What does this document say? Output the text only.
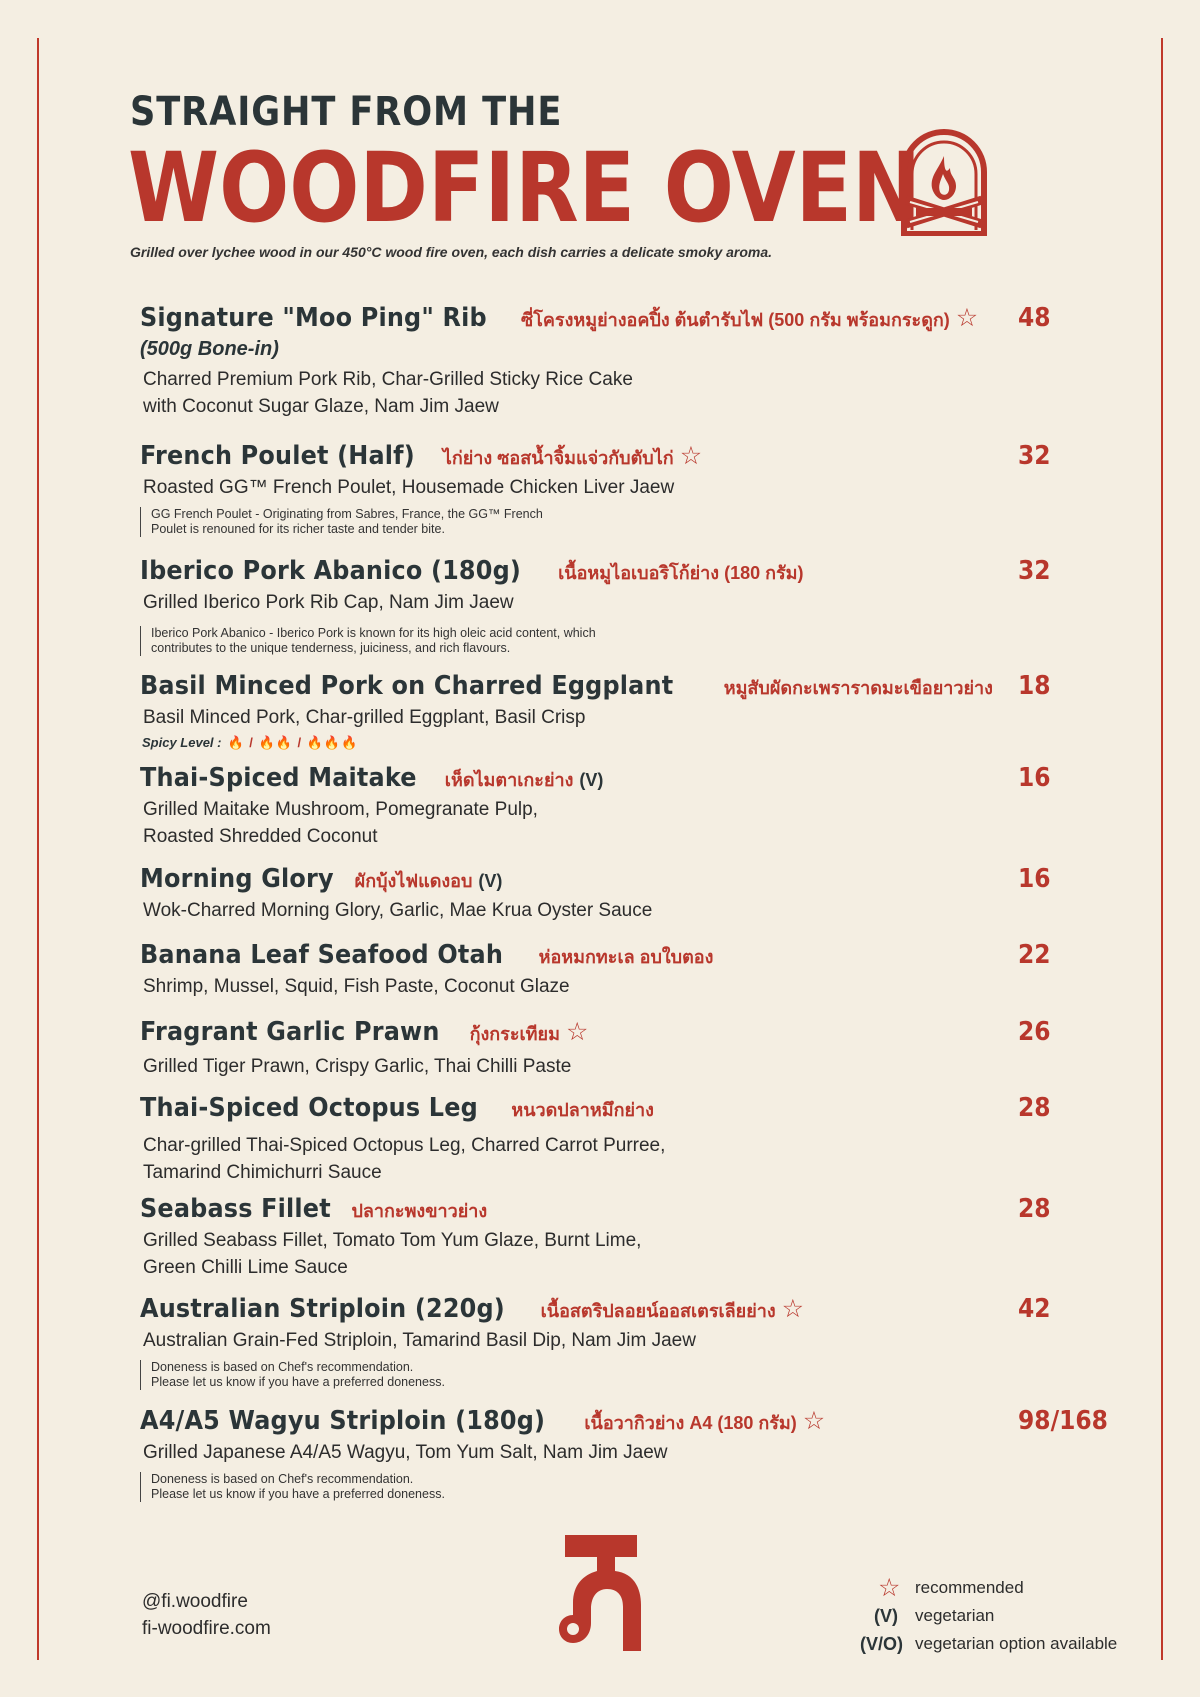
STRAIGHT FROM THE
WOODFIRE OVEN
Grilled over lychee wood in our 450°C wood fire oven, each dish carries a delicate smoky aroma.
Signature "Moo Ping" Rib ซี่โครงหมูย่างอคปิ้ง ต้นตำรับไฟ (500 กรัม พร้อมกระดูก) ☆ 48
(500g Bone-in)
Charred Premium Pork Rib, Char-Grilled Sticky Rice Cake
with Coconut Sugar Glaze, Nam Jim Jaew
French Poulet (Half) ไก่ย่าง ซอสน้ำจิ้มแจ่วกับตับไก่ ☆	32
Roasted GG™ French Poulet, Housemade Chicken Liver Jaew
GG French Poulet - Originating from Sabres, France, the GG™ French
Poulet is renouned for its richer taste and tender bite.
Iberico Pork Abanico (180g) เนื้อหมูไอเบอริโก้ย่าง (180 กรัม)	32
Grilled Iberico Pork Rib Cap, Nam Jim Jaew
Iberico Pork Abanico - Iberico Pork is known for its high oleic acid content, which
contributes to the unique tenderness, juiciness, and rich flavours.
Basil Minced Pork on Charred Eggplant	หมูสับผัดกะเพราราดมะเขือยาวย่าง 18
Basil Minced Pork, Char-grilled Eggplant, Basil Crisp
Spicy Level : 🔥 / 🔥🔥 / 🔥🔥🔥
Thai-Spiced Maitake เห็ดไมตาเกะย่าง (V)	16
Grilled Maitake Mushroom, Pomegranate Pulp,
Roasted Shredded Coconut
Morning Glory ผักบุ้งไฟแดงอบ (V)	16
Wok-Charred Morning Glory, Garlic, Mae Krua Oyster Sauce
Banana Leaf Seafood Otah ห่อหมกทะเล อบใบตอง	22
Shrimp, Mussel, Squid, Fish Paste, Coconut Glaze
Fragrant Garlic Prawn กุ้งกระเทียม ☆	26
Grilled Tiger Prawn, Crispy Garlic, Thai Chilli Paste
Thai-Spiced Octopus Leg หนวดปลาหมึกย่าง	28
Char-grilled Thai-Spiced Octopus Leg, Charred Carrot Purree,
Tamarind Chimichurri Sauce
Seabass Fillet ปลากะพงขาวย่าง	28
Grilled Seabass Fillet, Tomato Tom Yum Glaze, Burnt Lime,
Green Chilli Lime Sauce
Australian Striploin (220g) เนื้อสตริปลอยน์ออสเตรเลียย่าง ☆	42
Australian Grain-Fed Striploin, Tamarind Basil Dip, Nam Jim Jaew
Doneness is based on Chef's recommendation.
Please let us know if you have a preferred doneness.
A4/A5 Wagyu Striploin (180g) เนื้อวากิวย่าง A4 (180 กรัม) ☆	98/168
Grilled Japanese A4/A5 Wagyu, Tom Yum Salt, Nam Jim Jaew
Doneness is based on Chef's recommendation.
Please let us know if you have a preferred doneness.
@fi.woodfire
fi-woodfire.com
☆ recommended
(V) vegetarian
(V/O) vegetarian option available
